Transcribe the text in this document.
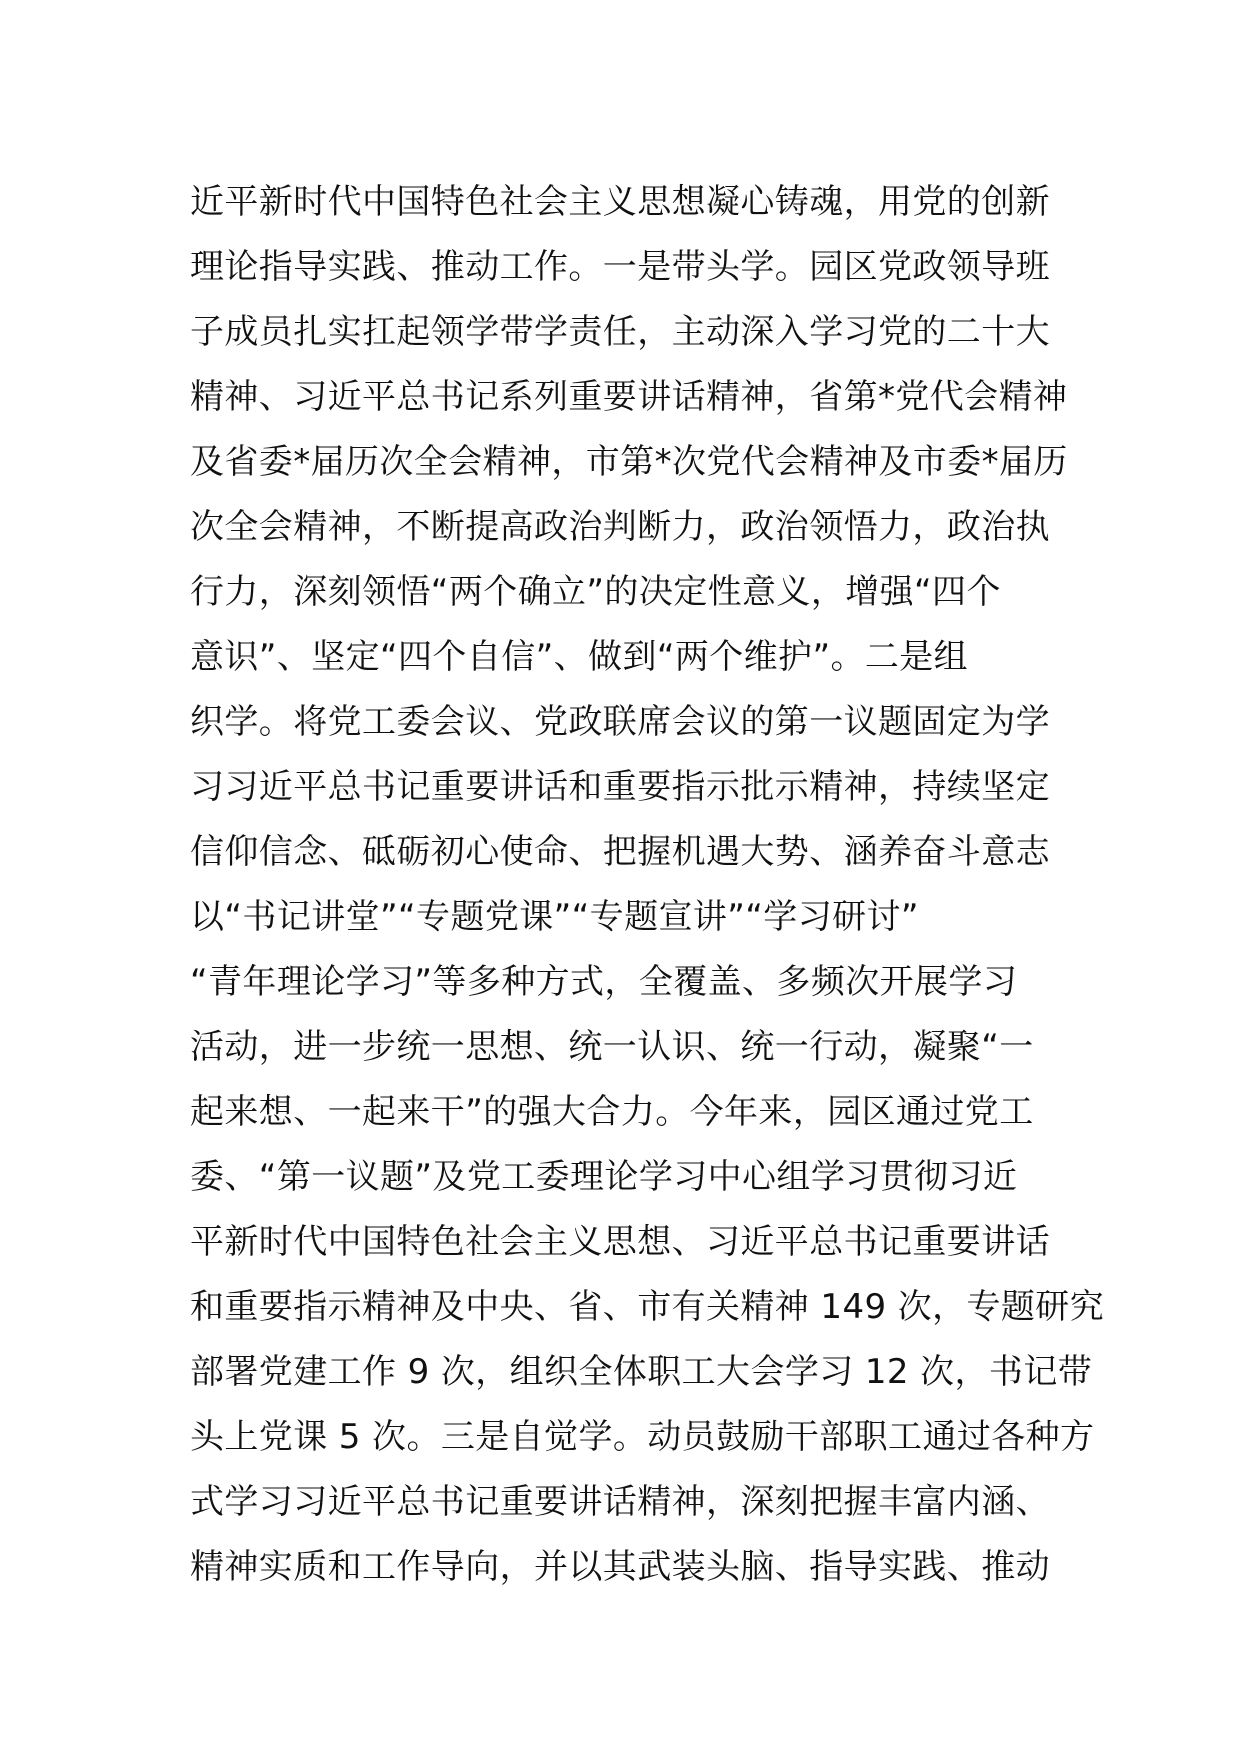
近平新时代中国特色社会主义思想凝心铸魂，用党的创新
理论指导实践、推动工作。一是带头学。园区党政领导班
子成员扎实扛起领学带学责任，主动深入学习党的二十大
精神、习近平总书记系列重要讲话精神，省第*党代会精神
及省委*届历次全会精神，市第*次党代会精神及市委*届历
次全会精神，不断提高政治判断力，政治领悟力，政治执
行力，深刻领悟“两个确立”的决定性意义，增强“四个
意识”、坚定“四个自信”、做到“两个维护”。二是组
织学。将党工委会议、党政联席会议的第一议题固定为学
习习近平总书记重要讲话和重要指示批示精神，持续坚定
信仰信念、砥砺初心使命、把握机遇大势、涵养奋斗意志
以“书记讲堂”“专题党课”“专题宣讲”“学习研讨”
“青年理论学习”等多种方式，全覆盖、多频次开展学习
活动，进一步统一思想、统一认识、统一行动，凝聚“一
起来想、一起来干”的强大合力。今年来，园区通过党工
委、“第一议题”及党工委理论学习中心组学习贯彻习近
平新时代中国特色社会主义思想、习近平总书记重要讲话
和重要指示精神及中央、省、市有关精神 149 次，专题研究
部署党建工作 9 次，组织全体职工大会学习 12 次，书记带
头上党课 5 次。三是自觉学。动员鼓励干部职工通过各种方
式学习习近平总书记重要讲话精神，深刻把握丰富内涵、
精神实质和工作导向，并以其武装头脑、指导实践、推动
